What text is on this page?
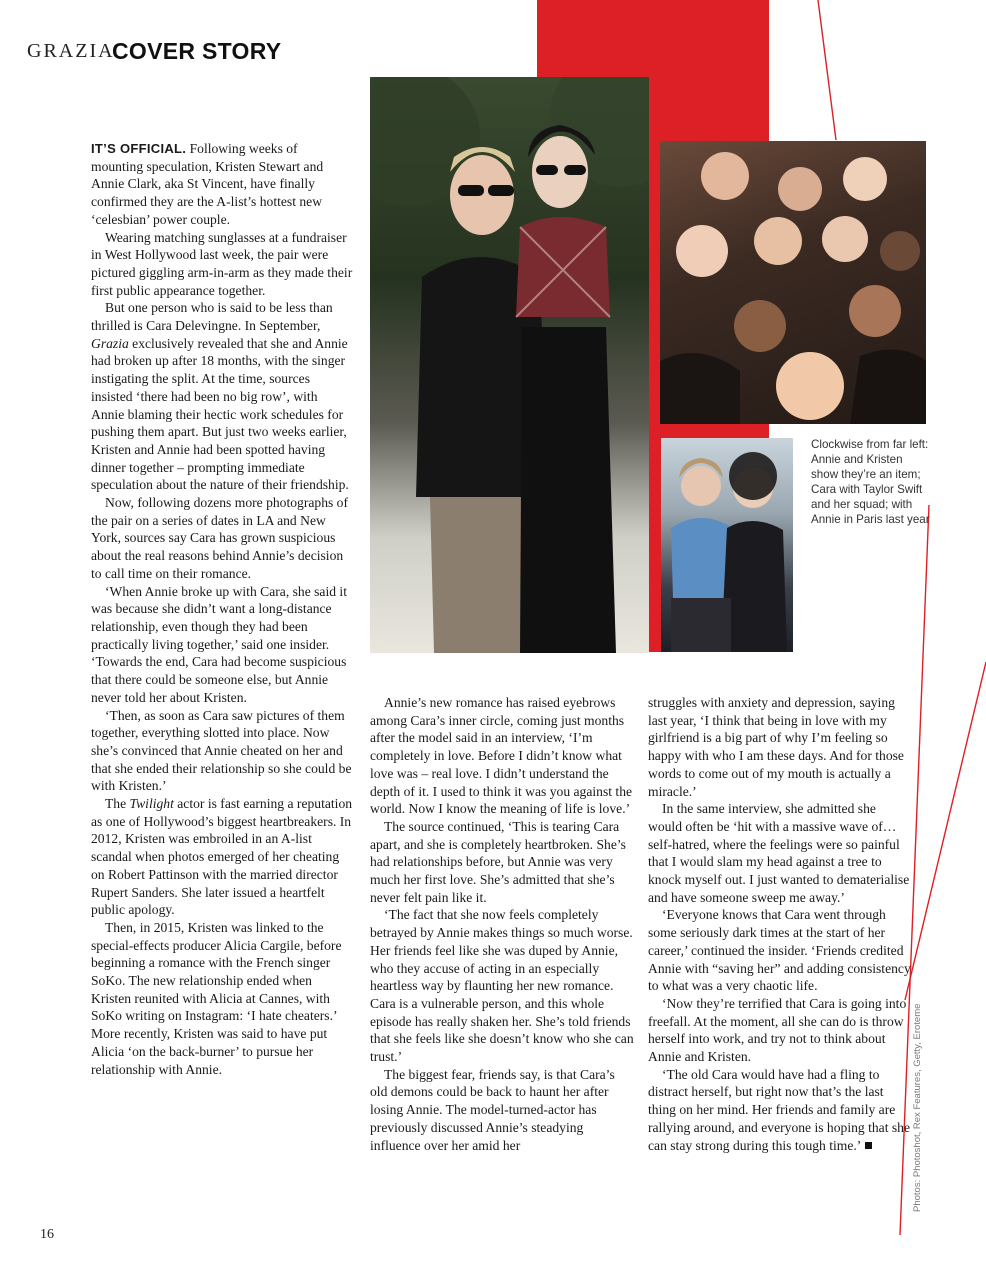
GRAZIA
COVER STORY
Clockwise from far left: Annie and Kristen show they’re an item; Cara with Taylor Swift and her squad; with Annie in Paris last year

IT’S OFFICIAL. Following weeks of mounting speculation, Kristen Stewart and Annie Clark, aka St Vincent, have finally confirmed they are the A-list’s hottest new ‘celesbian’ power couple.

Wearing matching sunglasses at a fundraiser in West Hollywood last week, the pair were pictured giggling arm-in-arm as they made their first public appearance together.

But one person who is said to be less than thrilled is Cara Delevingne. In September, Grazia exclusively revealed that she and Annie had broken up after 18 months, with the singer instigating the split. At the time, sources insisted ‘there had been no big row’, with Annie blaming their hectic work schedules for pushing them apart. But just two weeks earlier, Kristen and Annie had been spotted having dinner together – prompting immediate speculation about the nature of their friendship.

Now, following dozens more photographs of the pair on a series of dates in LA and New York, sources say Cara has grown suspicious about the real reasons behind Annie’s decision to call time on their romance.

‘When Annie broke up with Cara, she said it was because she didn’t want a long-distance relationship, even though they had been practically living together,’ said one insider. ‘Towards the end, Cara had become suspicious that there could be someone else, but Annie never told her about Kristen.

‘Then, as soon as Cara saw pictures of them together, everything slotted into place. Now she’s convinced that Annie cheated on her and that she ended their relationship so she could be with Kristen.’

The Twilight actor is fast earning a reputation as one of Hollywood’s biggest heartbreakers. In 2012, Kristen was embroiled in an A-list scandal when photos emerged of her cheating on Robert Pattinson with the married director Rupert Sanders. She later issued a heartfelt public apology.

Then, in 2015, Kristen was linked to the special-effects producer Alicia Cargile, before beginning a romance with the French singer SoKo. The new relationship ended when Kristen reunited with Alicia at Cannes, with SoKo writing on Instagram: ‘I hate cheaters.’ More recently, Kristen was said to have put Alicia ‘on the back-burner’ to pursue her relationship with Annie.

Annie’s new romance has raised eyebrows among Cara’s inner circle, coming just months after the model said in an interview, ‘I’m completely in love. Before I didn’t know what love was – real love. I didn’t understand the depth of it. I used to think it was you against the world. Now I know the meaning of life is love.’

The source continued, ‘This is tearing Cara apart, and she is completely heartbroken. She’s had relationships before, but Annie was very much her first love. She’s admitted that she’s never felt pain like it.

‘The fact that she now feels completely betrayed by Annie makes things so much worse. Her friends feel like she was duped by Annie, who they accuse of acting in an especially heartless way by flaunting her new romance. Cara is a vulnerable person, and this whole episode has really shaken her. She’s told friends that she feels like she doesn’t know who she can trust.’

The biggest fear, friends say, is that Cara’s old demons could be back to haunt her after losing Annie. The model-turned-actor has previously discussed Annie’s steadying influence over her amid her

struggles with anxiety and depression, saying last year, ‘I think that being in love with my girlfriend is a big part of why I’m feeling so happy with who I am these days. And for those words to come out of my mouth is actually a miracle.’

In the same interview, she admitted she would often be ‘hit with a massive wave of… self-hatred, where the feelings were so painful that I would slam my head against a tree to knock myself out. I just wanted to dematerialise and have someone sweep me away.’

‘Everyone knows that Cara went through some seriously dark times at the start of her career,’ continued the insider. ‘Friends credited Annie with “saving her” and adding consistency to what was a very chaotic life.

‘Now they’re terrified that Cara is going into freefall. At the moment, all she can do is throw herself into work, and try not to think about Annie and Kristen.

‘The old Cara would have had a fling to distract herself, but right now that’s the last thing on her mind. Her friends and family are rallying around, and everyone is hoping that she can stay strong during this tough time.’

16
Photos: Photoshot, Rex Features, Getty, Eroteme
